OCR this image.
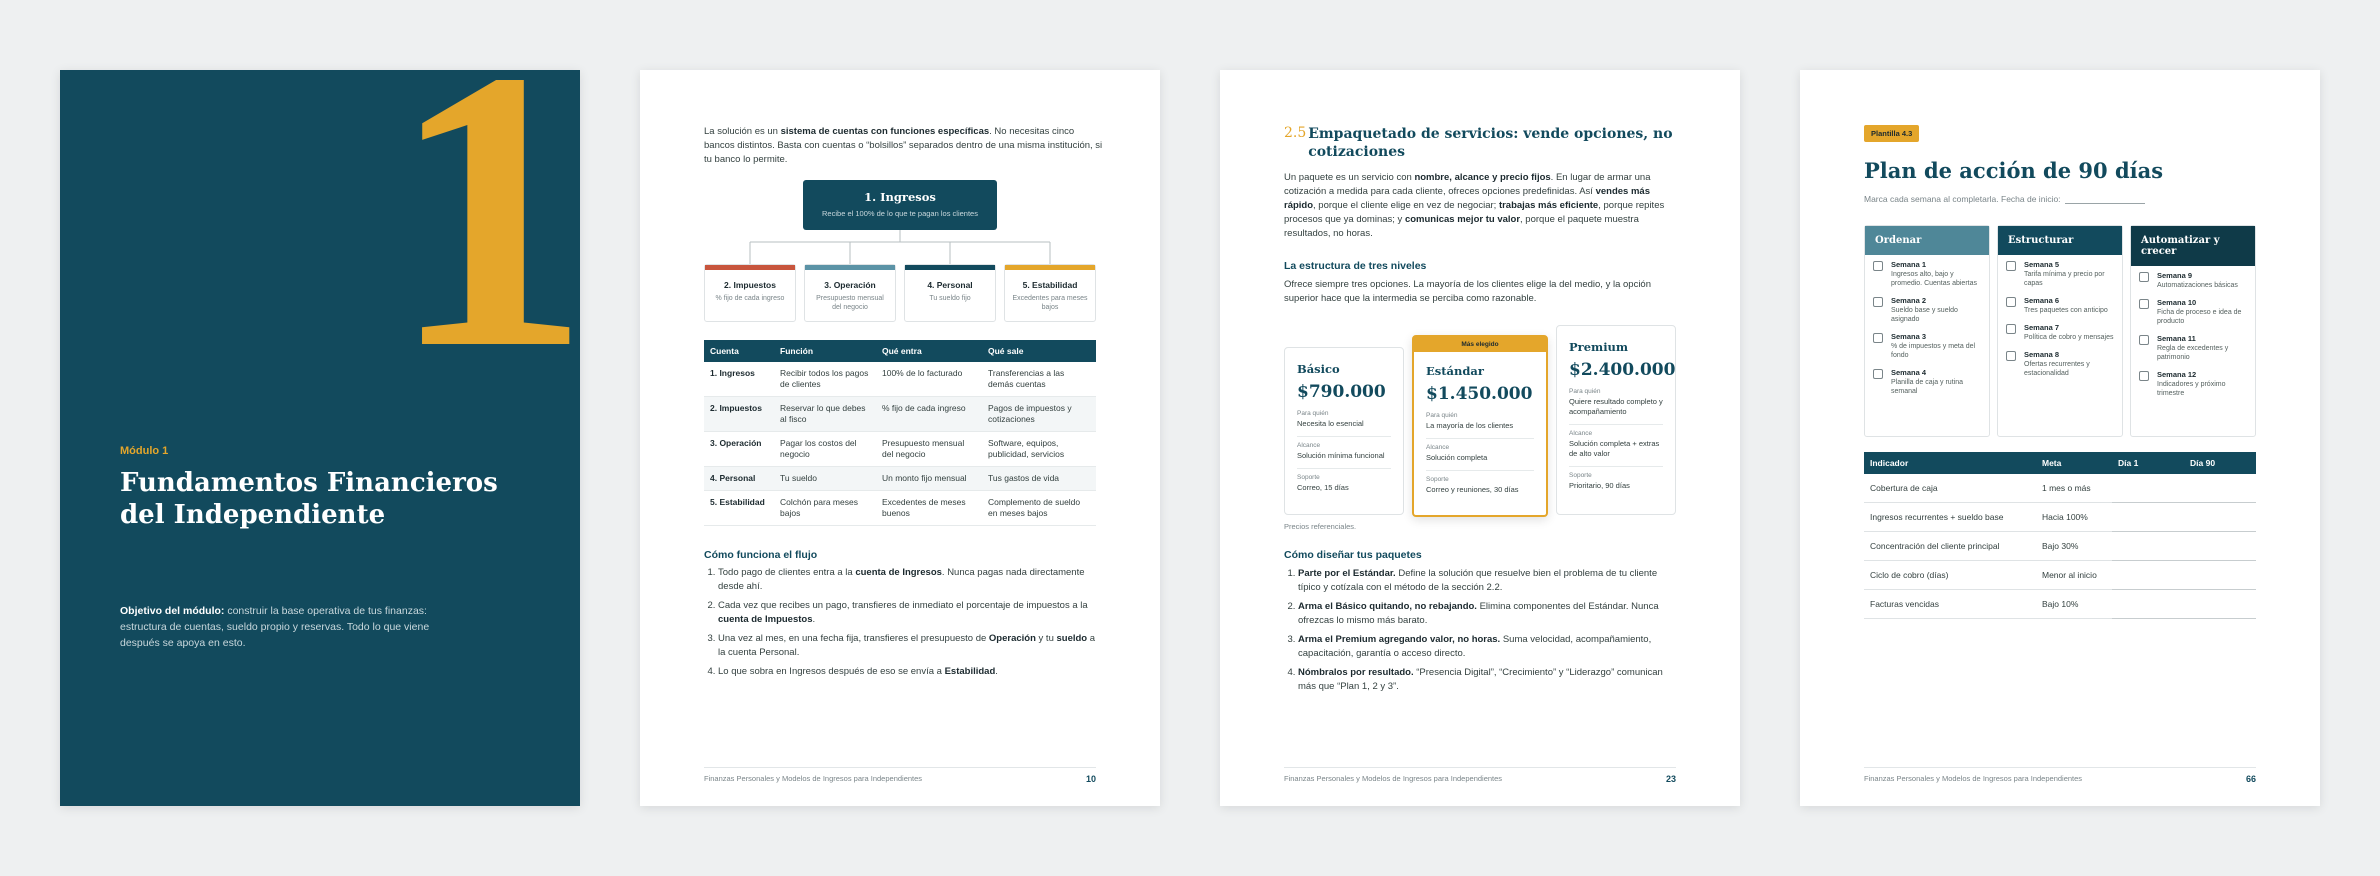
1
Módulo 1
Fundamentos Financieros del Independiente
Objetivo del módulo: construir la base operativa de tus finanzas: estructura de cuentas, sueldo propio y reservas. Todo lo que viene después se apoya en esto.
La solución es un sistema de cuentas con funciones específicas. No necesitas cinco bancos distintos. Basta con cuentas o “bolsillos” separados dentro de una misma institución, si tu banco lo permite.
1. Ingresos
Recibe el 100% de lo que te pagan los clientes
2. Impuestos
% fijo de cada ingreso
3. Operación
Presupuesto mensual del negocio
4. Personal
Tu sueldo fijo
5. Estabilidad
Excedentes para meses bajos
Cuenta	Función	Qué entra	Qué sale
1. Ingresos	Recibir todos los pagos de clientes	100% de lo facturado	Transferencias a las demás cuentas
2. Impuestos	Reservar lo que debes al fisco	% fijo de cada ingreso	Pagos de impuestos y cotizaciones
3. Operación	Pagar los costos del negocio	Presupuesto mensual del negocio	Software, equipos, publicidad, servicios
4. Personal	Tu sueldo	Un monto fijo mensual	Tus gastos de vida
5. Estabilidad	Colchón para meses bajos	Excedentes de meses buenos	Complemento de sueldo en meses bajos
Cómo funciona el flujo
1. Todo pago de clientes entra a la cuenta de Ingresos. Nunca pagas nada directamente desde ahí.
2. Cada vez que recibes un pago, transfieres de inmediato el porcentaje de impuestos a la cuenta de Impuestos.
3. Una vez al mes, en una fecha fija, transfieres el presupuesto de Operación y tu sueldo a la cuenta Personal.
4. Lo que sobra en Ingresos después de eso se envía a Estabilidad.
Finanzas Personales y Modelos de Ingresos para Independientes	10
2.5 Empaquetado de servicios: vende opciones, no cotizaciones
Un paquete es un servicio con nombre, alcance y precio fijos. En lugar de armar una cotización a medida para cada cliente, ofreces opciones predefinidas. Así vendes más rápido, porque el cliente elige en vez de negociar; trabajas más eficiente, porque repites procesos que ya dominas; y comunicas mejor tu valor, porque el paquete muestra resultados, no horas.
La estructura de tres niveles
Ofrece siempre tres opciones. La mayoría de los clientes elige la del medio, y la opción superior hace que la intermedia se perciba como razonable.
Básico
$790.000
Para quién
Necesita lo esencial
Alcance
Solución mínima funcional
Soporte
Correo, 15 días
Más elegido
Estándar
$1.450.000
Para quién
La mayoría de los clientes
Alcance
Solución completa
Soporte
Correo y reuniones, 30 días
Premium
$2.400.000
Para quién
Quiere resultado completo y acompañamiento
Alcance
Solución completa + extras de alto valor
Soporte
Prioritario, 90 días
Precios referenciales.
Cómo diseñar tus paquetes
1. Parte por el Estándar. Define la solución que resuelve bien el problema de tu cliente típico y cotízala con el método de la sección 2.2.
2. Arma el Básico quitando, no rebajando. Elimina componentes del Estándar. Nunca ofrezcas lo mismo más barato.
3. Arma el Premium agregando valor, no horas. Suma velocidad, acompañamiento, capacitación, garantía o acceso directo.
4. Nómbralos por resultado. “Presencia Digital”, “Crecimiento” y “Liderazgo” comunican más que “Plan 1, 2 y 3”.
Finanzas Personales y Modelos de Ingresos para Independientes	23
Plantilla 4.3
Plan de acción de 90 días
Marca cada semana al completarla. Fecha de inicio:
Ordenar
Semana 1
Ingresos alto, bajo y promedio. Cuentas abiertas
Semana 2
Sueldo base y sueldo asignado
Semana 3
% de impuestos y meta del fondo
Semana 4
Planilla de caja y rutina semanal
Estructurar
Semana 5
Tarifa mínima y precio por capas
Semana 6
Tres paquetes con anticipo
Semana 7
Política de cobro y mensajes
Semana 8
Ofertas recurrentes y estacionalidad
Automatizar y crecer
Semana 9
Automatizaciones básicas
Semana 10
Ficha de proceso e idea de producto
Semana 11
Regla de excedentes y patrimonio
Semana 12
Indicadores y próximo trimestre
Indicador	Meta	Día 1	Día 90
Cobertura de caja	1 mes o más		
Ingresos recurrentes + sueldo base	Hacia 100%		
Concentración del cliente principal	Bajo 30%		
Ciclo de cobro (días)	Menor al inicio		
Facturas vencidas	Bajo 10%		
Finanzas Personales y Modelos de Ingresos para Independientes	66
